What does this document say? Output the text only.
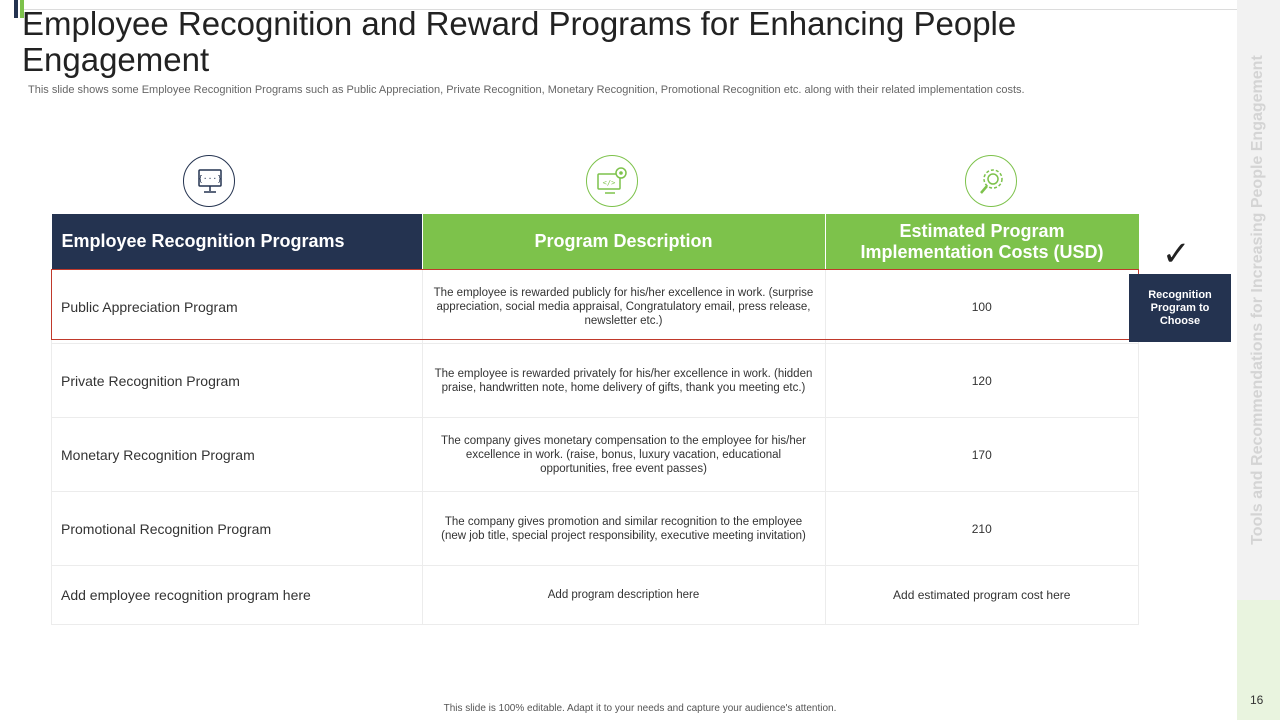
Employee Recognition and Reward Programs for Enhancing People Engagement
This slide shows some Employee Recognition Programs such as Public Appreciation, Private Recognition, Monetary Recognition, Promotional Recognition etc. along with their related implementation costs.	Tools and Recommendations for Increasing People Engagement
16
{···}	</>
Employee Recognition Programs	Program Description	Estimated Program Implementation Costs (USD)
Public Appreciation Program	The employee is rewarded publicly for his/her excellence in work. (surprise appreciation, social media appraisal, Congratulatory email, press release, newsletter etc.)	100
Private Recognition Program	The employee is rewarded privately for his/her excellence in work. (hidden praise, handwritten note, home delivery of gifts, thank you meeting etc.)	120
Monetary Recognition Program	The company gives monetary compensation to the employee for his/her excellence in work. (raise, bonus, luxury vacation, educational opportunities, free event passes)	170
Promotional Recognition Program	The company gives promotion and similar recognition to the employee (new job title, special project responsibility, executive meeting invitation)	210
Add employee recognition program here	Add program description here	Add estimated program cost here
✓
Recognition Program to Choose
This slide is 100% editable. Adapt it to your needs and capture your audience's attention.
